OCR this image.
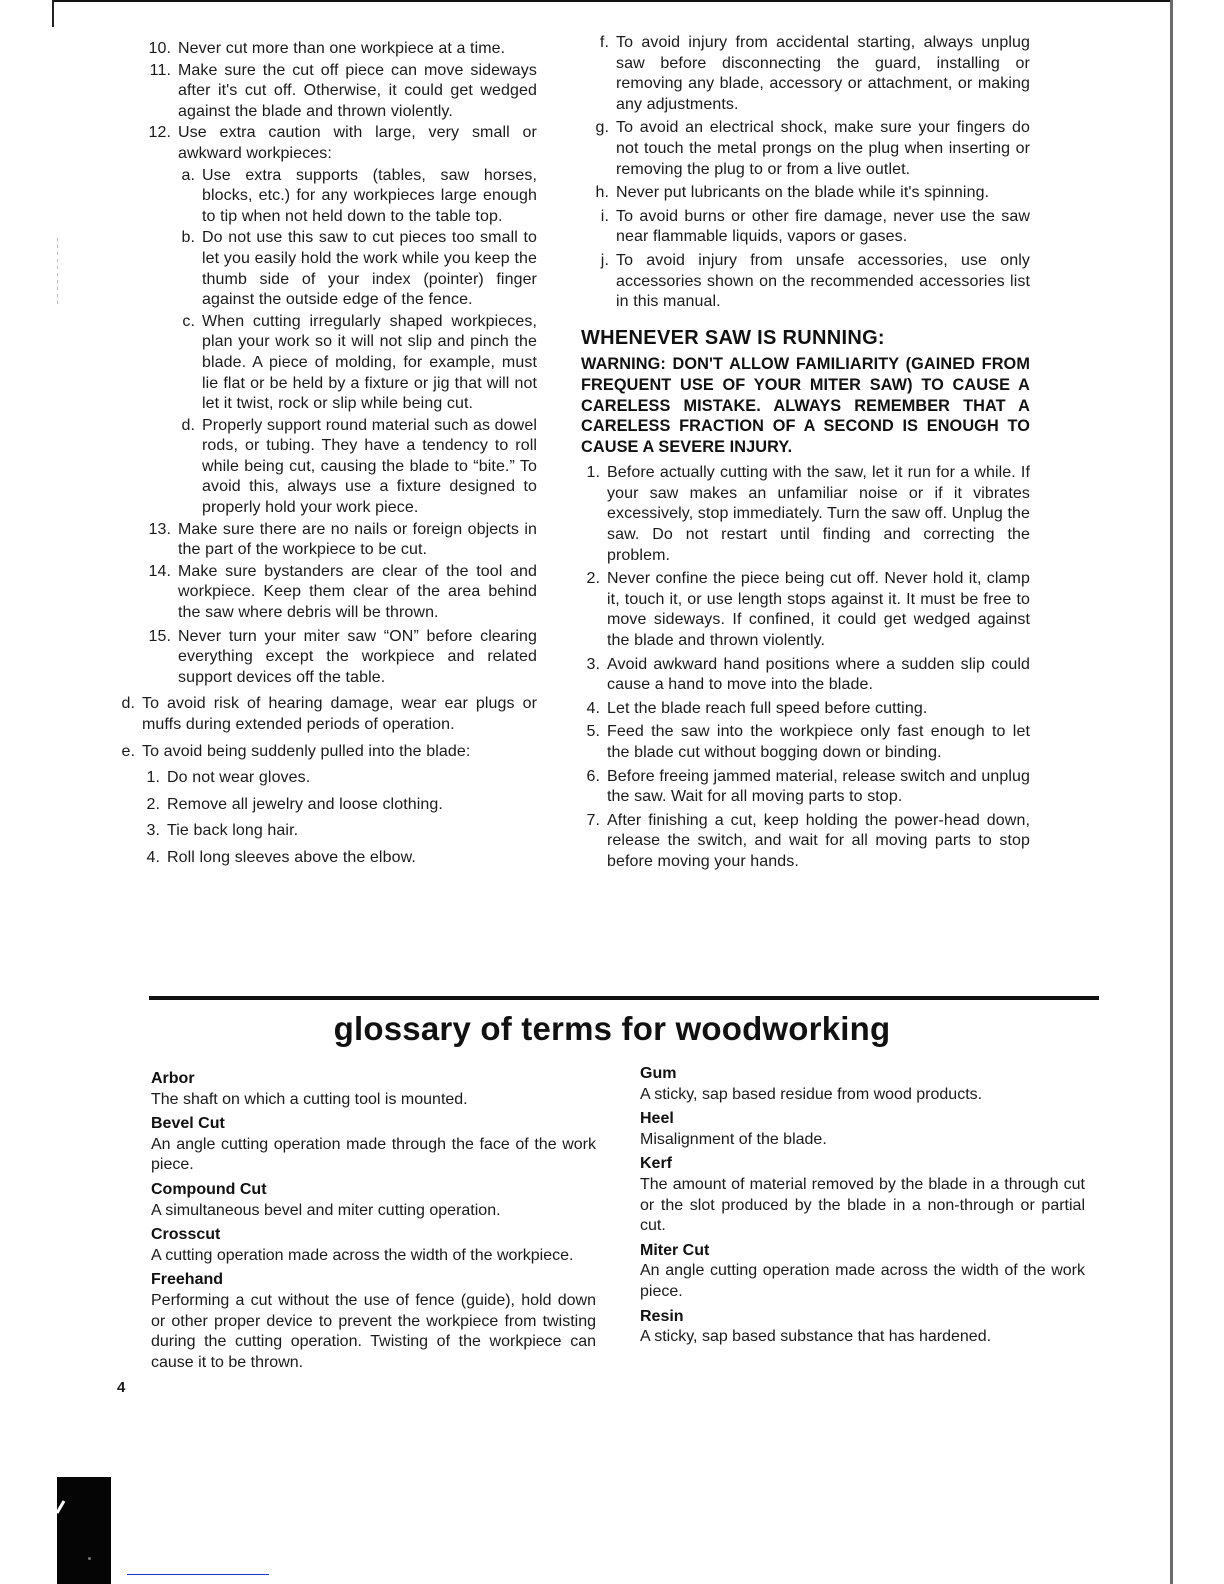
10. Never cut more than one workpiece at a time.
11. Make sure the cut off piece can move sideways after it's cut off. Otherwise, it could get wedged against the blade and thrown violently.
12. Use extra caution with large, very small or awkward workpieces:
a. Use extra supports (tables, saw horses, blocks, etc.) for any workpieces large enough to tip when not held down to the table top.
b. Do not use this saw to cut pieces too small to let you easily hold the work while you keep the thumb side of your index (pointer) finger against the outside edge of the fence.
c. When cutting irregularly shaped workpieces, plan your work so it will not slip and pinch the blade. A piece of molding, for example, must lie flat or be held by a fixture or jig that will not let it twist, rock or slip while being cut.
d. Properly support round material such as dowel rods, or tubing. They have a tendency to roll while being cut, causing the blade to “bite.” To avoid this, always use a fixture designed to properly hold your work piece.
13. Make sure there are no nails or foreign objects in the part of the workpiece to be cut.
14. Make sure bystanders are clear of the tool and workpiece. Keep them clear of the area behind the saw where debris will be thrown.
15. Never turn your miter saw “ON” before clearing everything except the workpiece and related support devices off the table.
d. To avoid risk of hearing damage, wear ear plugs or muffs during extended periods of operation.
e. To avoid being suddenly pulled into the blade:
1. Do not wear gloves.
2. Remove all jewelry and loose clothing.
3. Tie back long hair.
4. Roll long sleeves above the elbow.
f. To avoid injury from accidental starting, always unplug saw before disconnecting the guard, installing or removing any blade, accessory or attachment, or making any adjustments.
g. To avoid an electrical shock, make sure your fingers do not touch the metal prongs on the plug when inserting or removing the plug to or from a live outlet.
h. Never put lubricants on the blade while it's spinning.
i. To avoid burns or other fire damage, never use the saw near flammable liquids, vapors or gases.
j. To avoid injury from unsafe accessories, use only accessories shown on the recommended accessories list in this manual.
WHENEVER SAW IS RUNNING:
WARNING: DON'T ALLOW FAMILIARITY (GAINED FROM FREQUENT USE OF YOUR MITER SAW) TO CAUSE A CARELESS MISTAKE. ALWAYS REMEMBER THAT A CARELESS FRACTION OF A SECOND IS ENOUGH TO CAUSE A SEVERE INJURY.
1. Before actually cutting with the saw, let it run for a while. If your saw makes an unfamiliar noise or if it vibrates excessively, stop immediately. Turn the saw off. Unplug the saw. Do not restart until finding and correcting the problem.
2. Never confine the piece being cut off. Never hold it, clamp it, touch it, or use length stops against it. It must be free to move sideways. If confined, it could get wedged against the blade and thrown violently.
3. Avoid awkward hand positions where a sudden slip could cause a hand to move into the blade.
4. Let the blade reach full speed before cutting.
5. Feed the saw into the workpiece only fast enough to let the blade cut without bogging down or binding.
6. Before freeing jammed material, release switch and unplug the saw. Wait for all moving parts to stop.
7. After finishing a cut, keep holding the power-head down, release the switch, and wait for all moving parts to stop before moving your hands.
glossary of terms for woodworking
Arbor
The shaft on which a cutting tool is mounted.
Bevel Cut
An angle cutting operation made through the face of the work piece.
Compound Cut
A simultaneous bevel and miter cutting operation.
Crosscut
A cutting operation made across the width of the workpiece.
Freehand
Performing a cut without the use of fence (guide), hold down or other proper device to prevent the workpiece from twisting during the cutting operation. Twisting of the workpiece can cause it to be thrown.
Gum
A sticky, sap based residue from wood products.
Heel
Misalignment of the blade.
Kerf
The amount of material removed by the blade in a through cut or the slot produced by the blade in a non-through or partial cut.
Miter Cut
An angle cutting operation made across the width of the work piece.
Resin
A sticky, sap based substance that has hardened.
4
